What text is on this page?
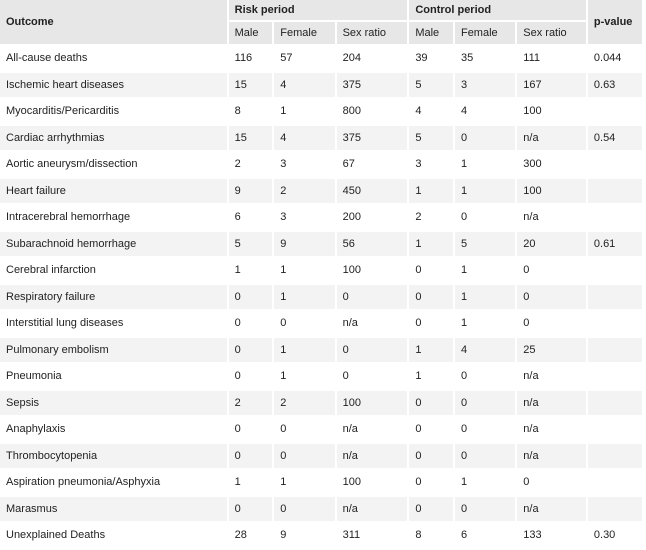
Outcome	Risk period			Control period			p-value
	Male	Female	Sex ratio	Male	Female	Sex ratio	
All-cause deaths	116	57	204	39	35	111	0.044
Ischemic heart diseases	15	4	375	5	3	167	0.63
Myocarditis/Pericarditis	8	1	800	4	4	100	
Cardiac arrhythmias	15	4	375	5	0	n/a	0.54
Aortic aneurysm/dissection	2	3	67	3	1	300	
Heart failure	9	2	450	1	1	100	
Intracerebral hemorrhage	6	3	200	2	0	n/a	
Subarachnoid hemorrhage	5	9	56	1	5	20	0.61
Cerebral infarction	1	1	100	0	1	0	
Respiratory failure	0	1	0	0	1	0	
Interstitial lung diseases	0	0	n/a	0	1	0	
Pulmonary embolism	0	1	0	1	4	25	
Pneumonia	0	1	0	1	0	n/a	
Sepsis	2	2	100	0	0	n/a	
Anaphylaxis	0	0	n/a	0	0	n/a	
Thrombocytopenia	0	0	n/a	0	0	n/a	
Aspiration pneumonia/Asphyxia	1	1	100	0	1	0	
Marasmus	0	0	n/a	0	0	n/a	
Unexplained Deaths	28	9	311	8	6	133	0.30
